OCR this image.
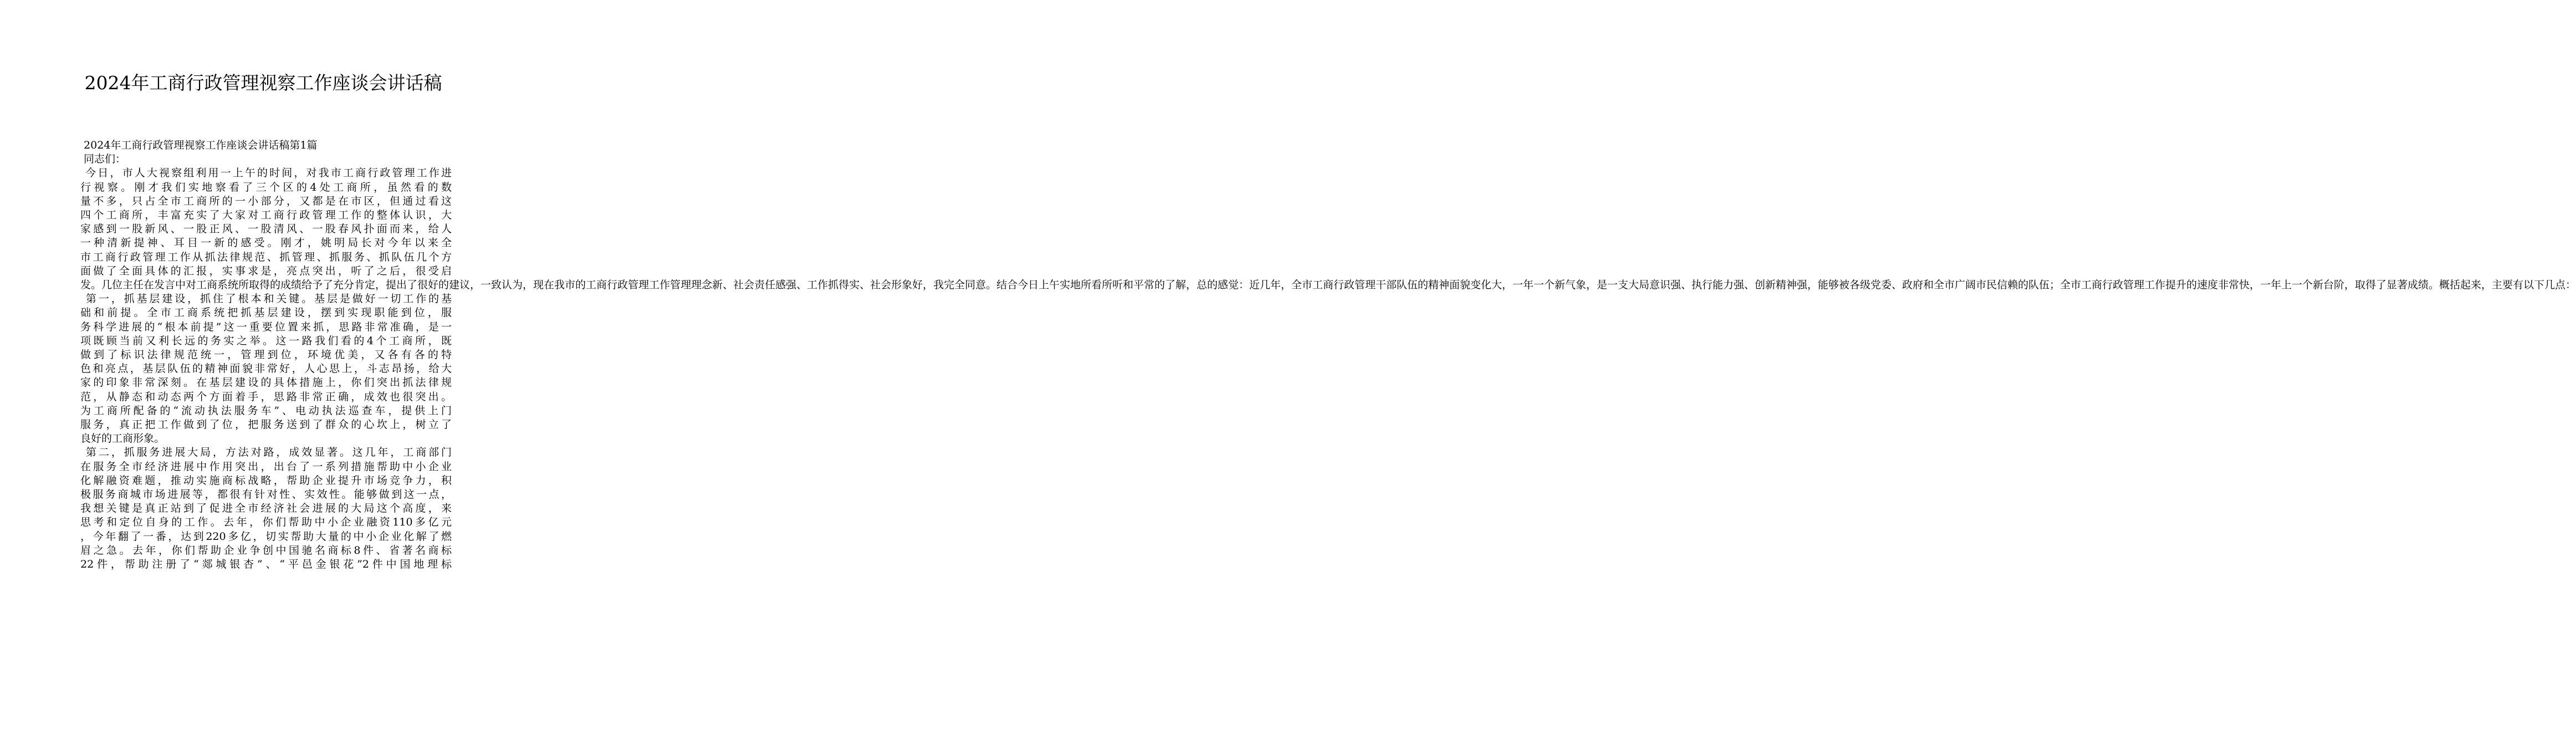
2024年工商行政管理视察工作座谈会讲话稿

2024年工商行政管理视察工作座谈会讲话稿第1篇

同志们：

今日，市人大视察组利用一上午的时间，对我市工商行政管理工作进

行视察。刚才我们实地察看了三个区的4处工商所，虽然看的数

量不多，只占全市工商所的一小部分，又都是在市区，但通过看这

四个工商所，丰富充实了大家对工商行政管理工作的整体认识，大

家感到一股新风、一股正风、一股清风、一股春风扑面而来，给人

一种清新提神、耳目一新的感受。刚才，姚明局长对今年以来全

市工商行政管理工作从抓法律规范、抓管理、抓服务、抓队伍几个方

面做了全面具体的汇报，实事求是，亮点突出，听了之后，很受启

发。几位主任在发言中对工商系统所取得的成绩给予了充分肯定，提出了很好的建议，一致认为，现在我市的工商行政管理工作管理理念新、社会责任感强、工作抓得实、社会形象好，我完全同意。结合今日上午实地所看所听和平常的了解，总的感觉：近几年，全市工商行政管理干部队伍的精神面貌变化大，一年一个新气象，是一支大局意识强、执行能力强、创新精神强，能够被各级党委、政府和全市广阔市民信赖的队伍；全市工商行政管理工作提升的速度非常快，一年上一个新台阶，取得了显著成绩。概括起来，主要有以下几点：

第一，抓基层建设，抓住了根本和关键。基层是做好一切工作的基

础和前提。全市工商系统把抓基层建设，摆到实现职能到位，服

务科学进展的“根本前提”这一重要位置来抓，思路非常准确，是一

项既顾当前又利长远的务实之举。这一路我们看的4个工商所，既

做到了标识法律规范统一，管理到位，环境优美，又各有各的特

色和亮点，基层队伍的精神面貌非常好，人心思上，斗志昂扬，给大

家的印象非常深刻。在基层建设的具体措施上，你们突出抓法律规

范，从静态和动态两个方面着手，思路非常正确，成效也很突出。

为工商所配备的“流动执法服务车”、电动执法巡查车，提供上门

服务，真正把工作做到了位，把服务送到了群众的心坎上，树立了

良好的工商形象。

第二，抓服务进展大局，方法对路，成效显著。这几年，工商部门

在服务全市经济进展中作用突出，出台了一系列措施帮助中小企业

化解融资难题，推动实施商标战略，帮助企业提升市场竞争力，积

极服务商城市场进展等，都很有针对性、实效性。能够做到这一点，

我想关键是真正站到了促进全市经济社会进展的大局这个高度，来

思考和定位自身的工作。去年，你们帮助中小企业融资110多亿元

，今年翻了一番，达到220多亿，切实帮助大量的中小企业化解了燃

眉之急。去年，你们帮助企业争创中国驰名商标8件、省著名商标

22件，帮助注册了“郯城银杏”、“平邑金银花”2件中国地理标
